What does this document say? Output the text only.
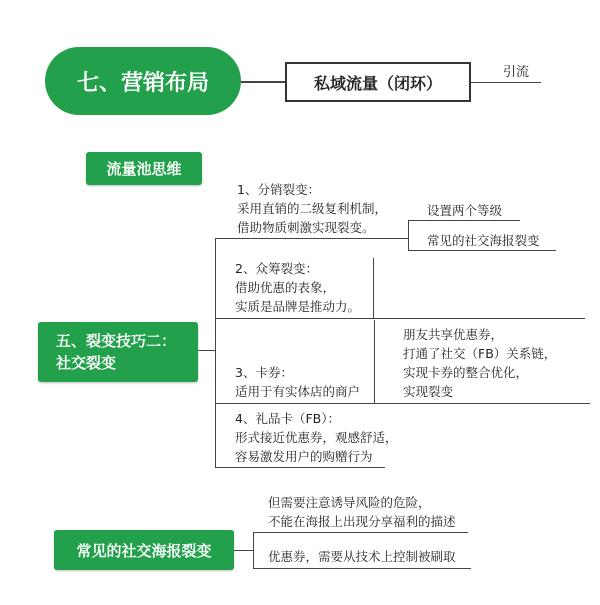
七、营销布局	私域流量（闭环）
引流
流量池思维
五、裂变技巧二：
社交裂变
1、分销裂变：
采用直销的二级复利机制，
借助物质刺激实现裂变。
设置两个等级
常见的社交海报裂变
2、众筹裂变：
借助优惠的表象，
实质是品牌是推动力。
3、卡券：
适用于有实体店的商户
朋友共享优惠券，
打通了社交（FB）关系链，
实现卡券的整合优化，
实现裂变
4、礼品卡（FB）：
形式接近优惠券，观感舒适，
容易激发用户的购赠行为
常见的社交海报裂变
但需要注意诱导风险的危险，
不能在海报上出现分享福利的描述
优惠券，需要从技术上控制被刷取
